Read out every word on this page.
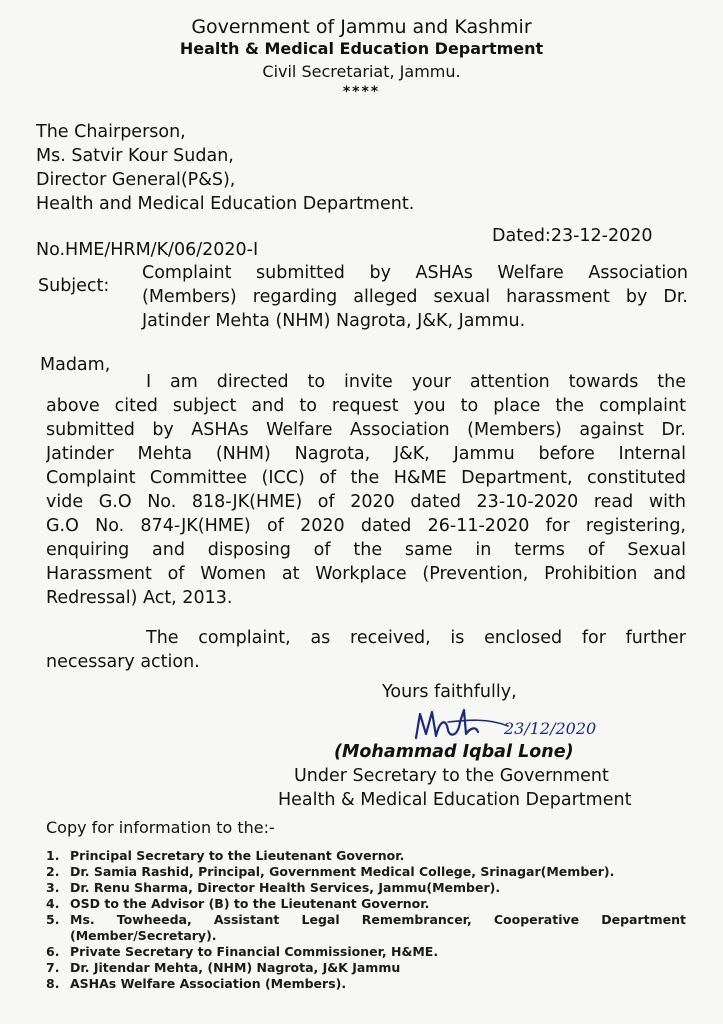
Government of Jammu and Kashmir
Health & Medical Education Department
Civil Secretariat, Jammu.
****
The Chairperson,
Ms. Satvir Kour Sudan,
Director General(P&S),
Health and Medical Education Department.
No.HME/HRM/K/06/2020-I
Dated:23-12-2020
Subject:
Complaint submitted by ASHAs Welfare Association
(Members) regarding alleged sexual harassment by Dr.
Jatinder Mehta (NHM) Nagrota, J&K, Jammu.
Madam,
I am directed to invite your attention towards the
above cited subject and to request you to place the complaint
submitted by ASHAs Welfare Association (Members) against Dr.
Jatinder Mehta (NHM) Nagrota, J&K, Jammu before Internal
Complaint Committee (ICC) of the H&ME Department, constituted
vide G.O No. 818-JK(HME) of 2020 dated 23-10-2020 read with
G.O No. 874-JK(HME) of 2020 dated 26-11-2020 for registering,
enquiring and disposing of the same in terms of Sexual
Harassment of Women at Workplace (Prevention, Prohibition and
Redressal) Act, 2013.
The complaint, as received, is enclosed for further
necessary action.
Yours faithfully,
23/12/2020
(Mohammad Iqbal Lone)
Under Secretary to the Government
Health & Medical Education Department
Copy for information to the:-
1. Principal Secretary to the Lieutenant Governor.
2. Dr. Samia Rashid, Principal, Government Medical College, Srinagar(Member).
3. Dr. Renu Sharma, Director Health Services, Jammu(Member).
4. OSD to the Advisor (B) to the Lieutenant Governor.
5. Ms. Towheeda, Assistant Legal Remembrancer, Cooperative Department
(Member/Secretary).
6. Private Secretary to Financial Commissioner, H&ME.
7. Dr. Jitendar Mehta, (NHM) Nagrota, J&K Jammu
8. ASHAs Welfare Association (Members).
